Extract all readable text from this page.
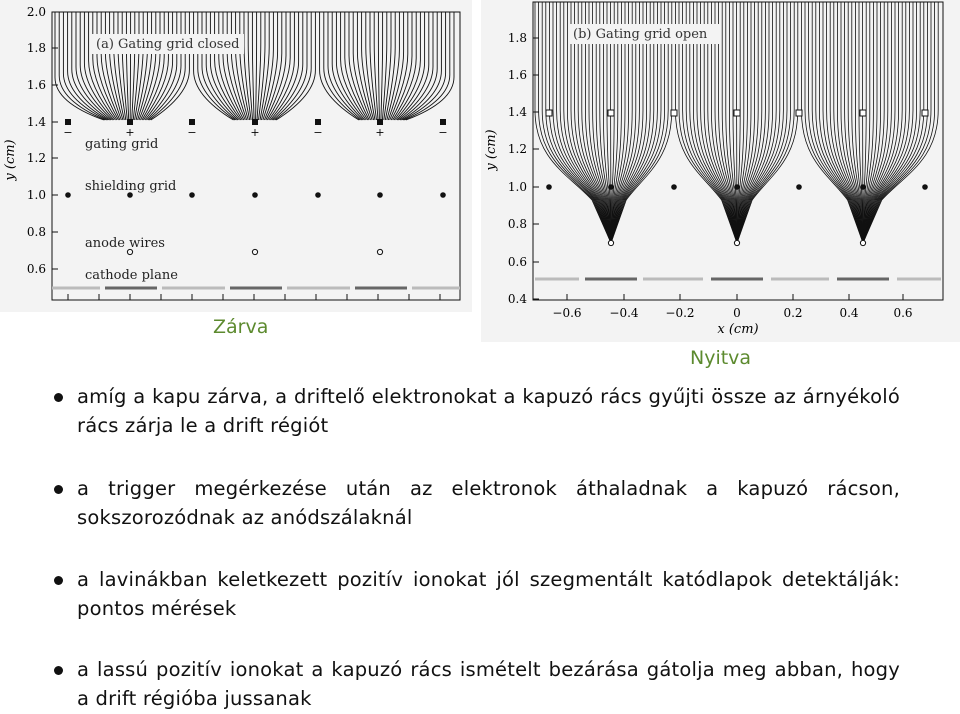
2.0
1.8
1.6
1.4
1.2
1.0
0.8
0.6
y (cm)
(a) Gating grid closed
−	−	−	−
+	+	+
gating grid
shielding grid
anode wires
cathode plane
Zárva
1.8
1.6
1.4
1.2
1.0
0.8
0.6
0.4
−0.6 −0.4 −0.2	0	0.2	0.4	0.6
y (cm)
x (cm)
(b) Gating grid open
Nyitva
amíg a kapu zárva, a driftelő elektronokat a kapuzó rács gyűjti össze az árnyékoló rács zárja le a drift régiót
a trigger megérkezése után az elektronok áthaladnak a kapuzó rácson, sokszorozódnak az anódszálaknál
a lavinákban keletkezett pozitív ionokat jól szegmentált katódlapok detektálják: pontos mérések
a lassú pozitív ionokat a kapuzó rács ismételt bezárása gátolja meg abban, hogy a drift régióba jussanak
